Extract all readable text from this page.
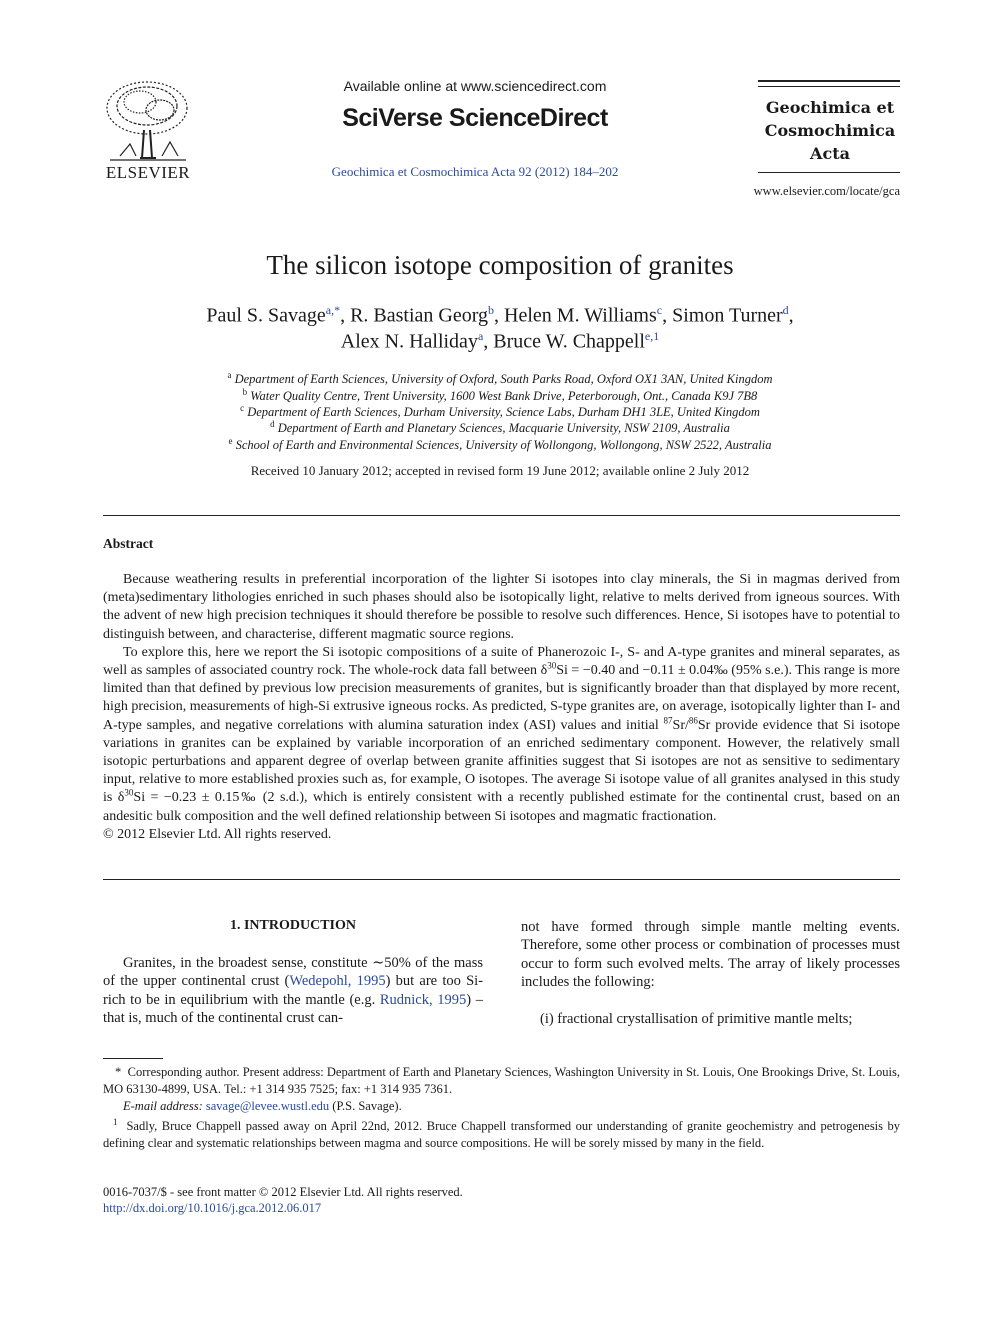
ELSEVIER
Available online at www.sciencedirect.com
SciVerse ScienceDirect
Geochimica et Cosmochimica Acta 92 (2012) 184–202
Geochimica et
Cosmochimica
Acta
www.elsevier.com/locate/gca
The silicon isotope composition of granites
Paul S. Savage$^{a,*}$, R. Bastian Georg$^b$, Helen M. Williams$^c$, Simon Turner$^d$,
Alex N. Halliday$^a$, Bruce W. Chappell$^{e,1}$
$^a$ Department of Earth Sciences, University of Oxford, South Parks Road, Oxford OX1 3AN, United Kingdom
$^b$ Water Quality Centre, Trent University, 1600 West Bank Drive, Peterborough, Ont., Canada K9J 7B8
$^c$ Department of Earth Sciences, Durham University, Science Labs, Durham DH1 3LE, United Kingdom
$^d$ Department of Earth and Planetary Sciences, Macquarie University, NSW 2109, Australia
$^e$ School of Earth and Environmental Sciences, University of Wollongong, Wollongong, NSW 2522, Australia
Received 10 January 2012; accepted in revised form 19 June 2012; available online 2 July 2012
Abstract

Because weathering results in preferential incorporation of the lighter Si isotopes into clay minerals, the Si in magmas derived from (meta)sedimentary lithologies enriched in such phases should also be isotopically light, relative to melts derived from igneous sources. With the advent of new high precision techniques it should therefore be possible to resolve such differences. Hence, Si isotopes have to potential to distinguish between, and characterise, different magmatic source regions.

To explore this, here we report the Si isotopic compositions of a suite of Phanerozoic I-, S- and A-type granites and mineral separates, as well as samples of associated country rock. The whole-rock data fall between $\delta^{30}Si = -0.40$ and −0.11 ± 0.04‰ (95% s.e.). This range is more limited than that defined by previous low precision measurements of granites, but is significantly broader than that displayed by more recent, high precision, measurements of high-Si extrusive igneous rocks. As predicted, S-type granites are, on average, isotopically lighter than I- and A-type samples, and negative correlations with alumina saturation index (ASI) values and initial $^{87}$Sr/$^{86}$Sr provide evidence that Si isotope variations in granites can be explained by variable incorporation of an enriched sedimentary component. However, the relatively small isotopic perturbations and apparent degree of overlap between granite affinities suggest that Si isotopes are not as sensitive to sedimentary input, relative to more established proxies such as, for example, O isotopes. The average Si isotope value of all granites analysed in this study is $\delta^{30}Si = -0.23$ ± 0.15‰ (2 s.d.), which is entirely consistent with a recently published estimate for the continental crust, based on an andesitic bulk composition and the well defined relationship between Si isotopes and magmatic fractionation.

© 2012 Elsevier Ltd. All rights reserved.

1. INTRODUCTION
Granites, in the broadest sense, constitute ∼50% of the mass of the upper continental crust (Wedepohl, 1995) but are too Si-rich to be in equilibrium with the mantle (e.g. Rudnick, 1995) – that is, much of the continental crust can-
not have formed through simple mantle melting events. Therefore, some other process or combination of processes must occur to form such evolved melts. The array of likely processes includes the following:
(i) fractional crystallisation of primitive mantle melts;
* Corresponding author. Present address: Department of Earth and Planetary Sciences, Washington University in St. Louis, One Brookings Drive, St. Louis, MO 63130-4899, USA. Tel.: +1 314 935 7525; fax: +1 314 935 7361.
E-mail address: savage@levee.wustl.edu (P.S. Savage).
$^1$ Sadly, Bruce Chappell passed away on April 22nd, 2012. Bruce Chappell transformed our understanding of granite geochemistry and petrogenesis by defining clear and systematic relationships between magma and source compositions. He will be sorely missed by many in the field.
0016-7037/$ - see front matter © 2012 Elsevier Ltd. All rights reserved.
http://dx.doi.org/10.1016/j.gca.2012.06.017
